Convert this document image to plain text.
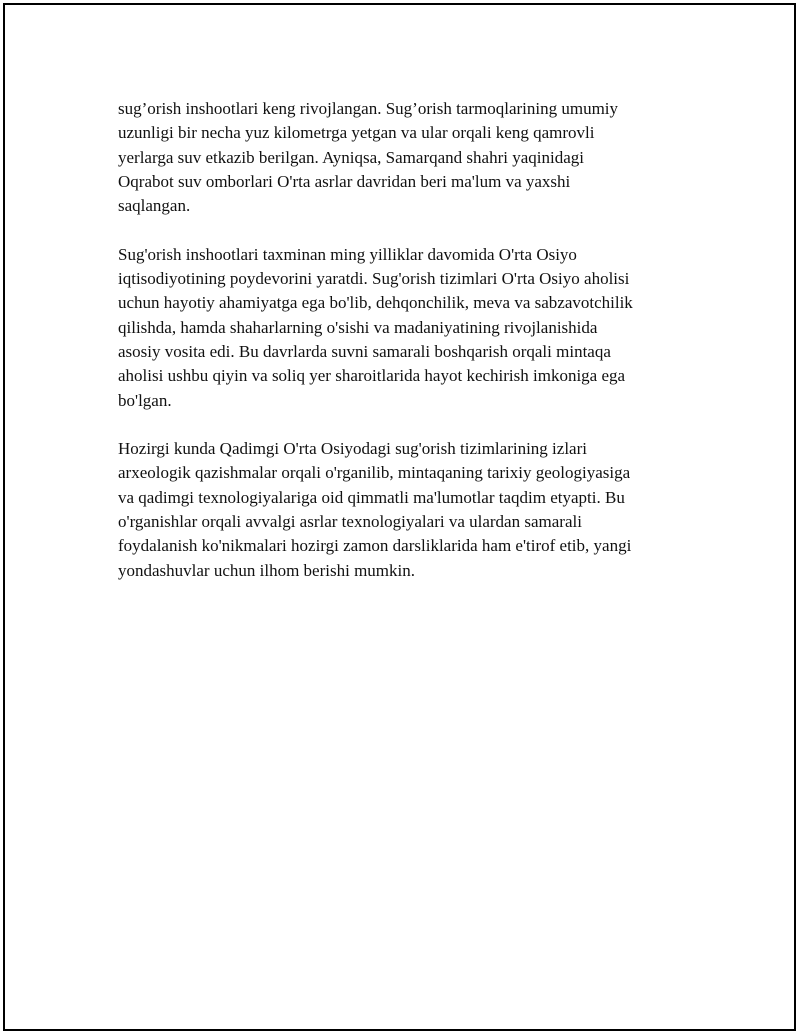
sug’orish inshootlari keng rivojlangan. Sug’orish tarmoqlarining umumiy
uzunligi bir necha yuz kilometrga yetgan va ular orqali keng qamrovli
yerlarga suv etkazib berilgan. Ayniqsa, Samarqand shahri yaqinidagi
Oqrabot suv omborlari O'rta asrlar davridan beri ma'lum va yaxshi
saqlangan.

Sug'orish inshootlari taxminan ming yilliklar davomida O'rta Osiyo
iqtisodiyotining poydevorini yaratdi. Sug'orish tizimlari O'rta Osiyo aholisi
uchun hayotiy ahamiyatga ega bo'lib, dehqonchilik, meva va sabzavotchilik
qilishda, hamda shaharlarning o'sishi va madaniyatining rivojlanishida
asosiy vosita edi. Bu davrlarda suvni samarali boshqarish orqali mintaqa
aholisi ushbu qiyin va soliq yer sharoitlarida hayot kechirish imkoniga ega
bo'lgan.

Hozirgi kunda Qadimgi O'rta Osiyodagi sug'orish tizimlarining izlari
arxeologik qazishmalar orqali o'rganilib, mintaqaning tarixiy geologiyasiga
va qadimgi texnologiyalariga oid qimmatli ma'lumotlar taqdim etyapti. Bu
o'rganishlar orqali avvalgi asrlar texnologiyalari va ulardan samarali
foydalanish ko'nikmalari hozirgi zamon darsliklarida ham e'tirof etib, yangi
yondashuvlar uchun ilhom berishi mumkin.
